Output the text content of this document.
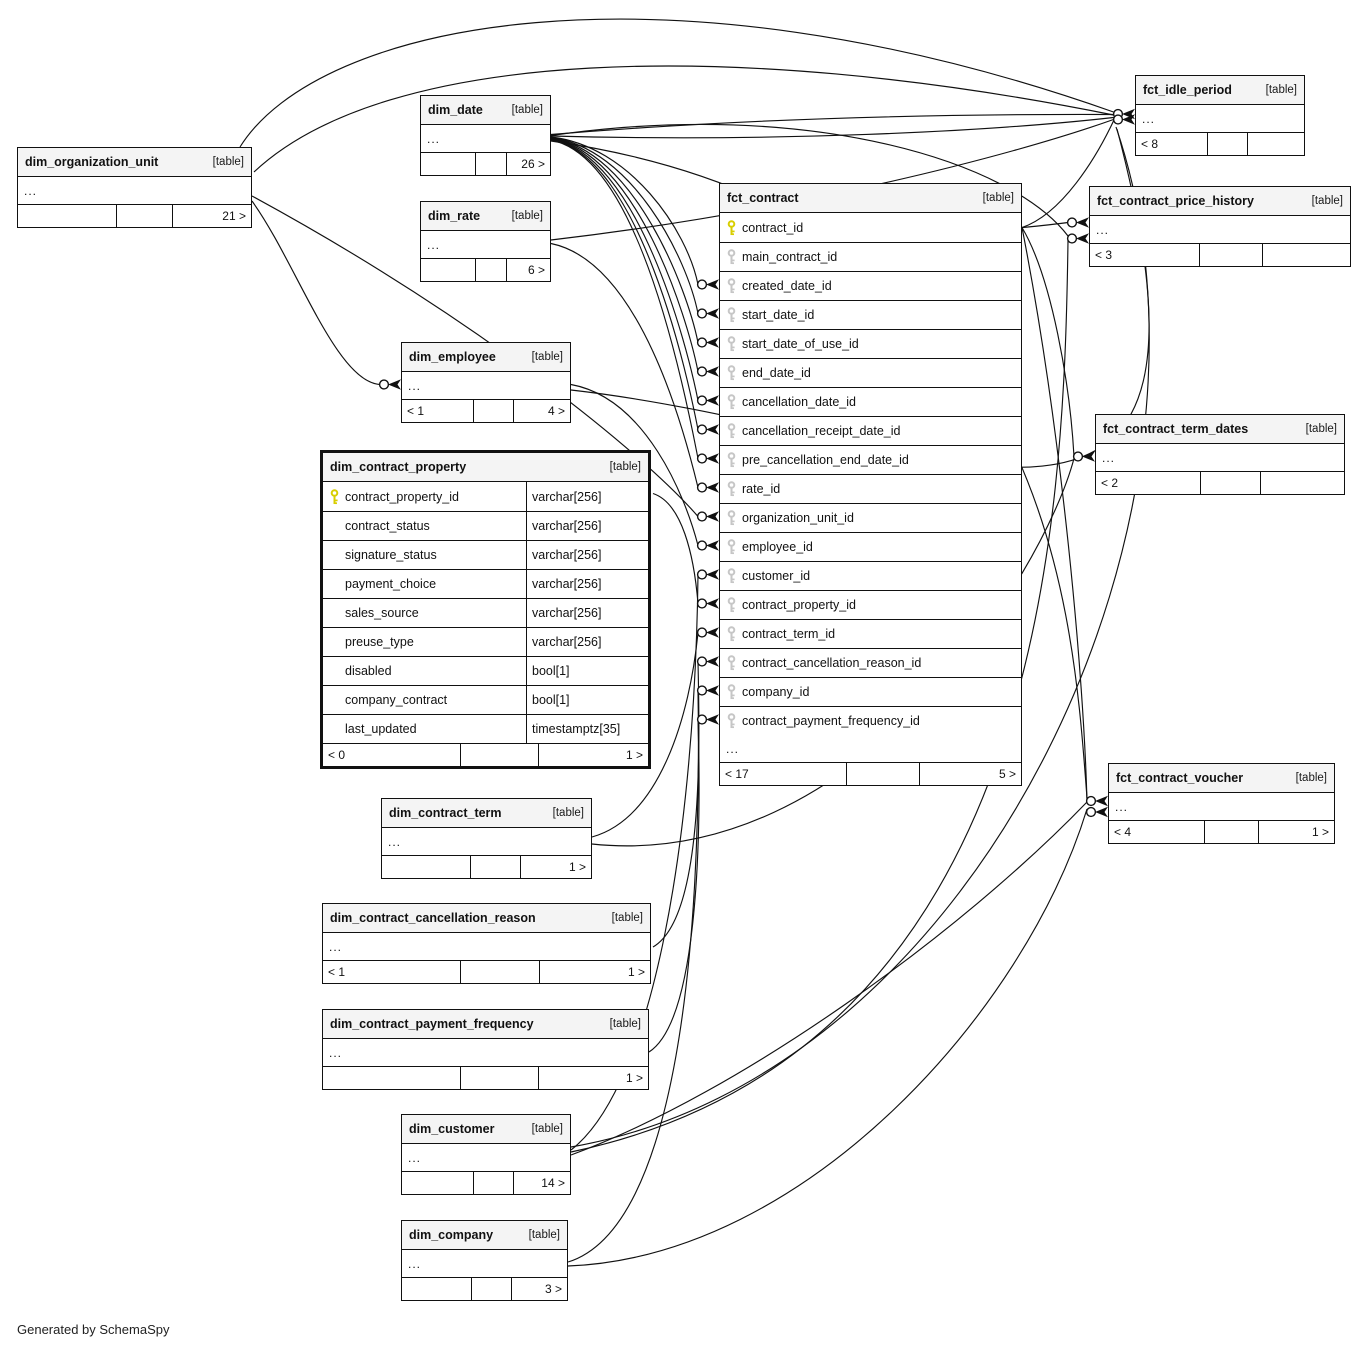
dim_organization_unit	[table]
...
21 >
dim_date	[table]
...
26 >
dim_rate	[table]
...
6 >
dim_employee	[table]
...
< 1	4 >
dim_contract_property	[table]
contract_property_id	varchar[256]
contract_status	varchar[256]
signature_status	varchar[256]
payment_choice	varchar[256]
sales_source	varchar[256]
preuse_type	varchar[256]
disabled	bool[1]
company_contract	bool[1]
last_updated	timestamptz[35]
< 0	1 >
fct_contract	[table]
contract_id
main_contract_id
created_date_id
start_date_id
start_date_of_use_id
end_date_id
cancellation_date_id
cancellation_receipt_date_id
pre_cancellation_end_date_id
rate_id
organization_unit_id
employee_id
customer_id
contract_property_id
contract_term_id
contract_cancellation_reason_id
company_id
contract_payment_frequency_id
...
< 17	5 >
dim_contract_term	[table]
...
1 >
dim_contract_cancellation_reason	[table]
...
< 1	1 >
dim_contract_payment_frequency	[table]
...
1 >
dim_customer	[table]
...
14 >
dim_company	[table]
...
3 >
fct_idle_period	[table]
...
< 8
fct_contract_price_history	[table]
...
< 3
fct_contract_term_dates	[table]
...
< 2
fct_contract_voucher	[table]
...
< 4	1 >
Generated by SchemaSpy
